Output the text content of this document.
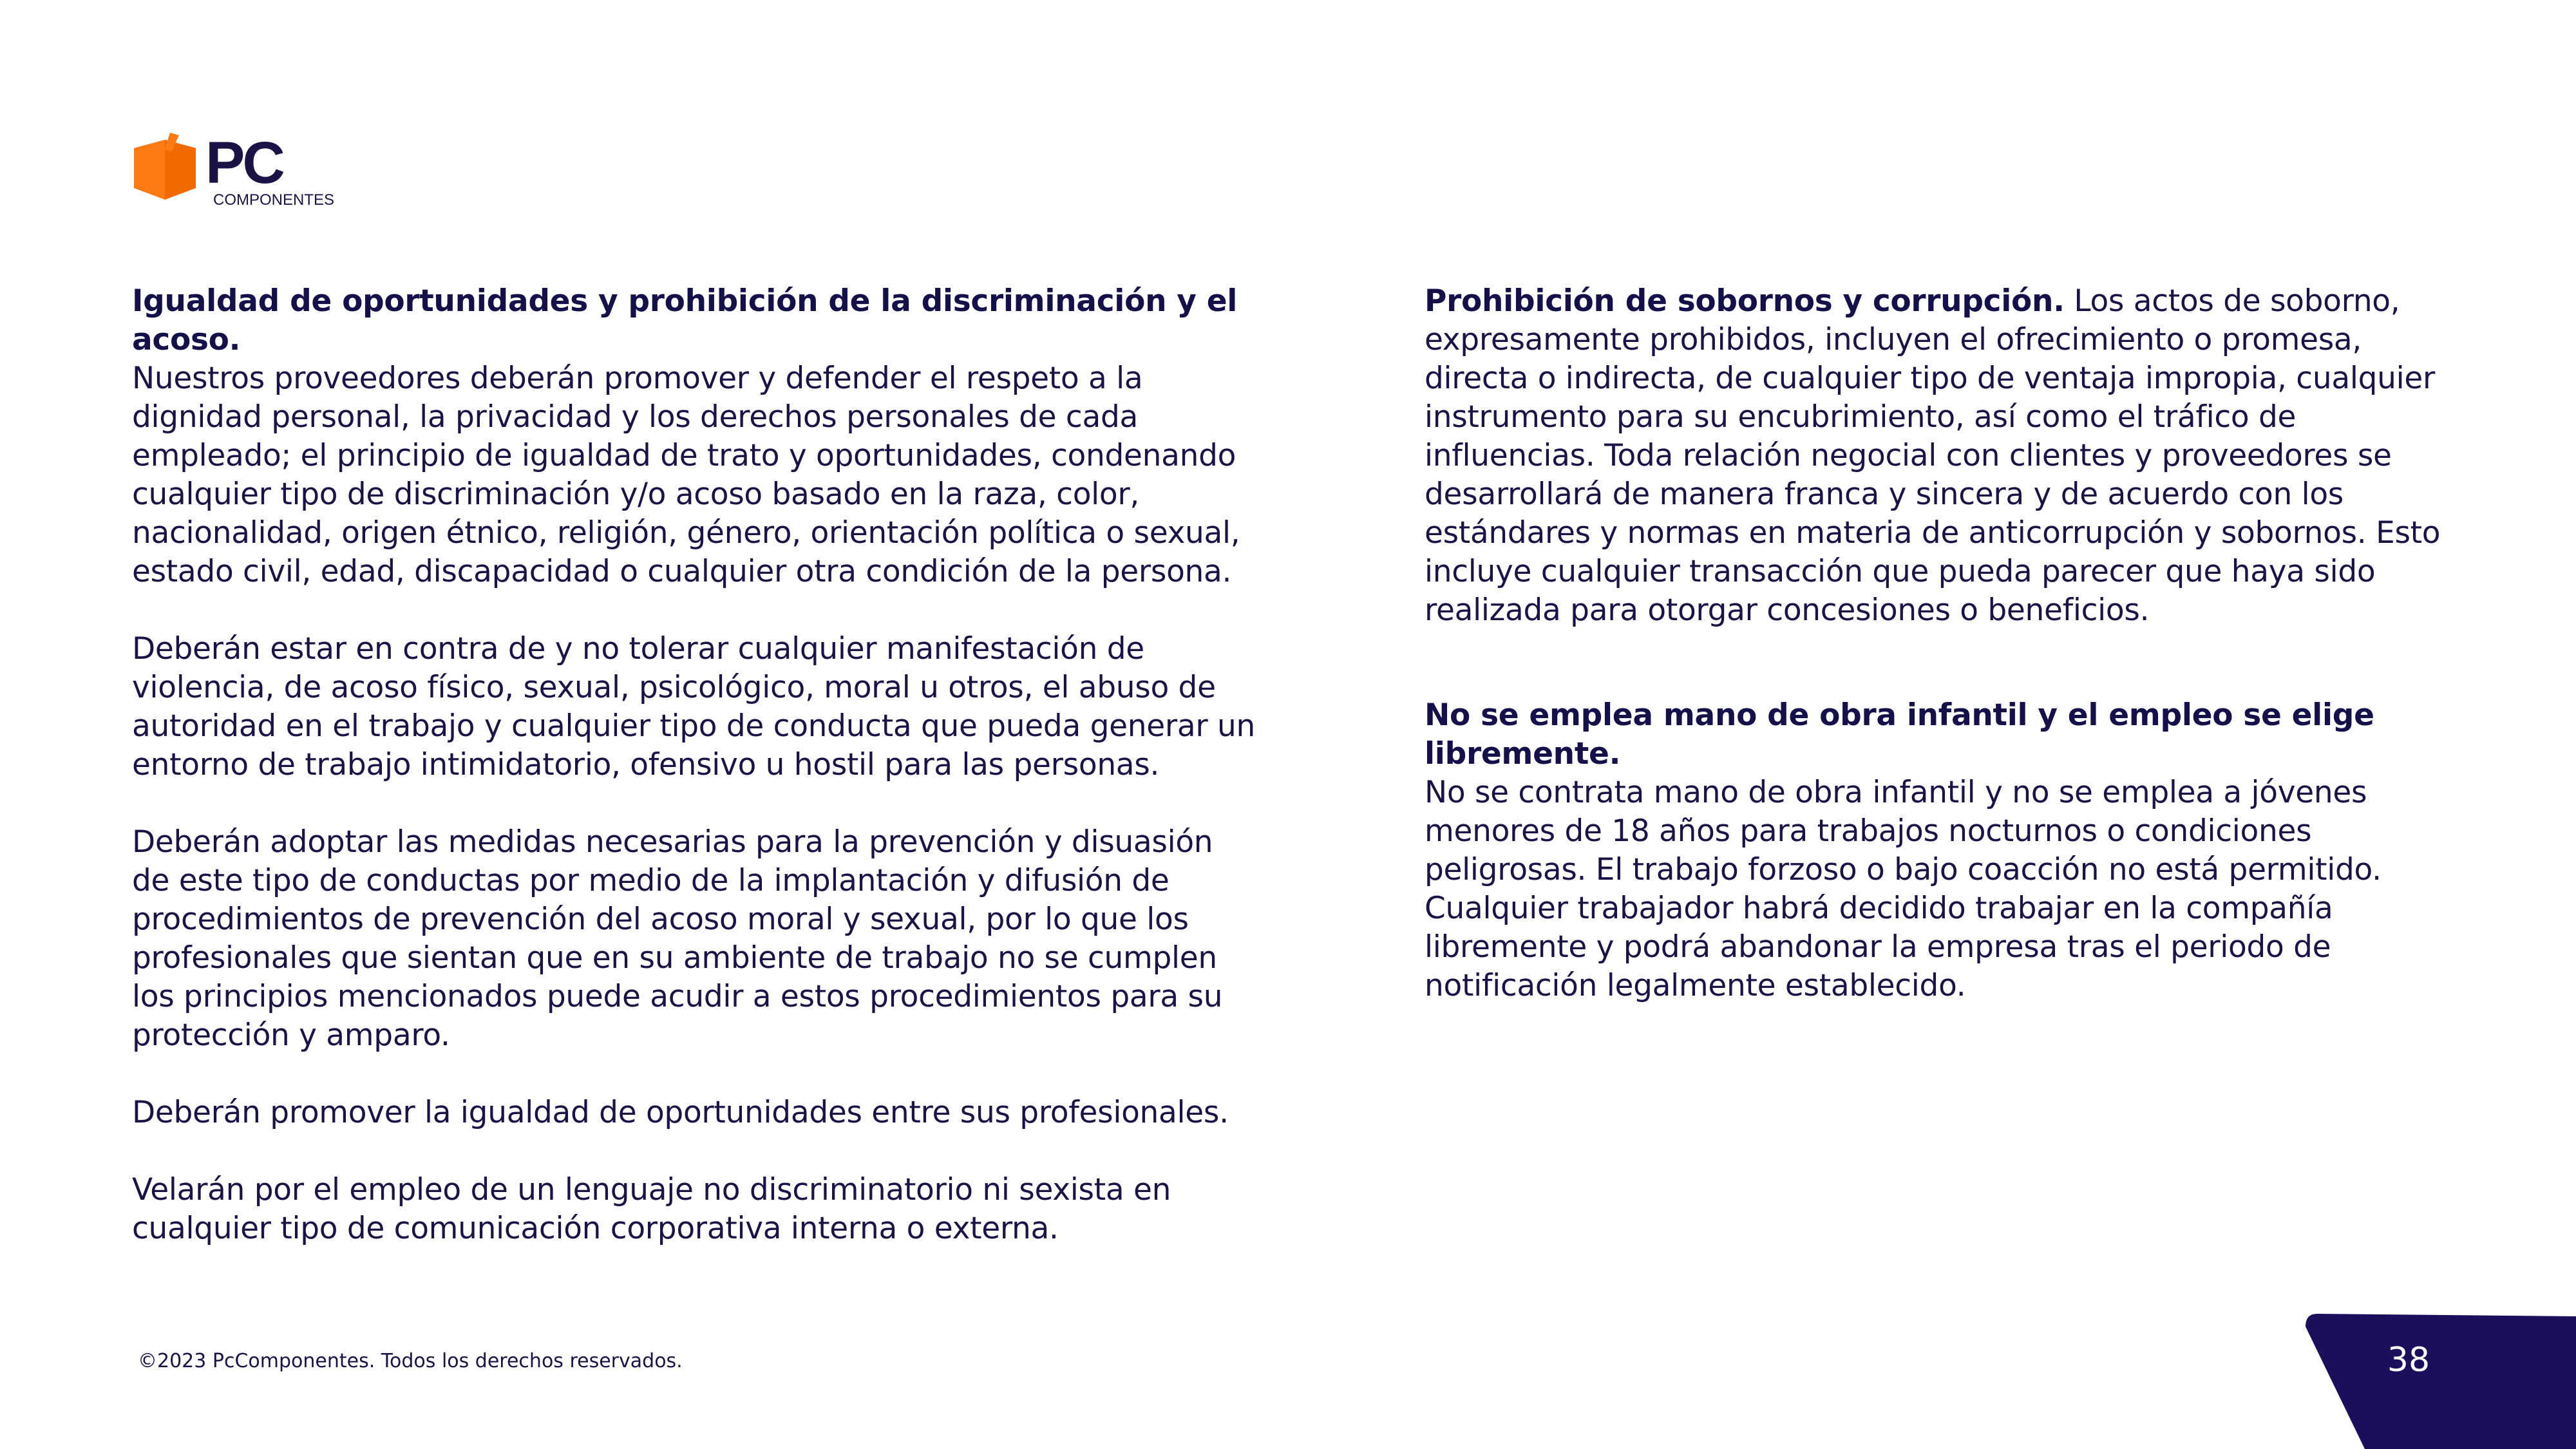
PC
COMPONENTES

Igualdad de oportunidades y prohibición de la discriminación y el acoso.
Nuestros proveedores deberán promover y defender el respeto a la dignidad personal, la privacidad y los derechos personales de cada empleado; el principio de igualdad de trato y oportunidades, condenando cualquier tipo de discriminación y/o acoso basado en la raza, color, nacionalidad, origen étnico, religión, género, orientación política o sexual, estado civil, edad, discapacidad o cualquier otra condición de la persona.

Deberán estar en contra de y no tolerar cualquier manifestación de violencia, de acoso físico, sexual, psicológico, moral u otros, el abuso de autoridad en el trabajo y cualquier tipo de conducta que pueda generar un entorno de trabajo intimidatorio, ofensivo u hostil para las personas.

Deberán adoptar las medidas necesarias para la prevención y disuasión de este tipo de conductas por medio de la implantación y difusión de procedimientos de prevención del acoso moral y sexual, por lo que los profesionales que sientan que en su ambiente de trabajo no se cumplen los principios mencionados puede acudir a estos procedimientos para su protección y amparo.

Deberán promover la igualdad de oportunidades entre sus profesionales.

Velarán por el empleo de un lenguaje no discriminatorio ni sexista en cualquier tipo de comunicación corporativa interna o externa.

Prohibición de sobornos y corrupción. Los actos de soborno, expresamente prohibidos, incluyen el ofrecimiento o promesa, directa o indirecta, de cualquier tipo de ventaja impropia, cualquier instrumento para su encubrimiento, así como el tráfico de influencias. Toda relación negocial con clientes y proveedores se desarrollará de manera franca y sincera y de acuerdo con los estándares y normas en materia de anticorrupción y sobornos. Esto incluye cualquier transacción que pueda parecer que haya sido realizada para otorgar concesiones o beneficios.

No se emplea mano de obra infantil y el empleo se elige libremente.
No se contrata mano de obra infantil y no se emplea a jóvenes menores de 18 años para trabajos nocturnos o condiciones peligrosas. El trabajo forzoso o bajo coacción no está permitido. Cualquier trabajador habrá decidido trabajar en la compañía libremente y podrá abandonar la empresa tras el periodo de notificación legalmente establecido.

©2023 PcComponentes. Todos los derechos reservados.	38
